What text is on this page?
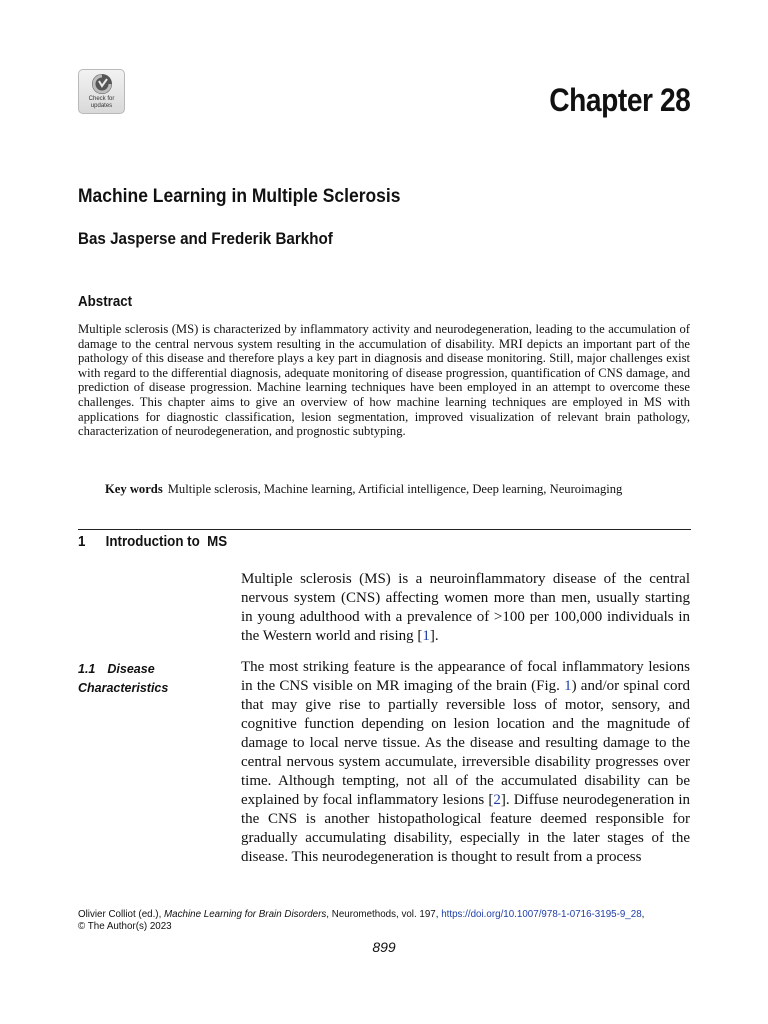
Check for
updates	Chapter 28
Machine Learning in Multiple Sclerosis
Bas Jasperse and Frederik Barkhof
Abstract

Multiple sclerosis (MS) is characterized by inflammatory activity and neurodegeneration, leading to the accumulation of damage to the central nervous system resulting in the accumulation of disability. MRI depicts an important part of the pathology of this disease and therefore plays a key part in diagnosis and disease monitoring. Still, major challenges exist with regard to the differential diagnosis, adequate monitoring of disease progression, quantification of CNS damage, and prediction of disease progression. Machine learning techniques have been employed in an attempt to overcome these challenges. This chapter aims to give an overview of how machine learning techniques are employed in MS with applications for diagnostic classification, lesion segmentation, improved visualization of relevant brain pathology, characterization of neurodegeneration, and prognostic subtyping.

Key words Multiple sclerosis, Machine learning, Artificial intelligence, Deep learning, Neuroimaging
1 Introduction to  MS

Multiple sclerosis (MS) is a neuroinflammatory disease of the central nervous system (CNS) affecting women more than men, usually starting in young adulthood with a prevalence of >100 per 100,000 individuals in the Western world and rising [1].

1.1 Disease
Characteristics

The most striking feature is the appearance of focal inflammatory lesions in the CNS visible on MR imaging of the brain (Fig. 1) and/or spinal cord that may give rise to partially reversible loss of motor, sensory, and cognitive function depending on lesion location and the magnitude of damage to local nerve tissue. As the disease and resulting damage to the central nervous system accumulate, irreversible disability progresses over time. Although tempting, not all of the accumulated disability can be explained by focal inflammatory lesions [2]. Diffuse neurodegeneration in the CNS is another histopathological feature deemed responsible for gradually accumulating disability, especially in the later stages of the disease. This neurodegeneration is thought to result from a process

Olivier Colliot (ed.), Machine Learning for Brain Disorders, Neuromethods, vol. 197, https://doi.org/10.1007/978-1-0716-3195-9_28,
© The Author(s) 2023
899
